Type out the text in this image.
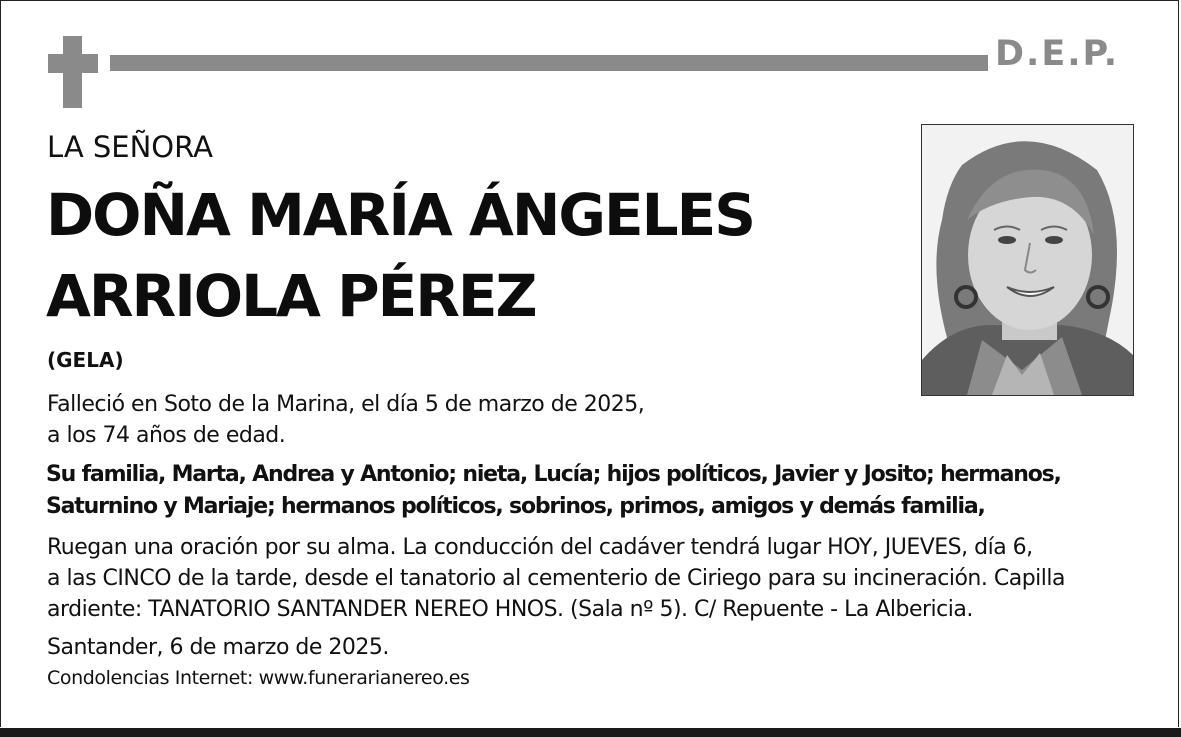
D.E.P.
LA SEÑORA
DOÑA MARÍA ÁNGELES
ARRIOLA PÉREZ
(GELA)
Falleció en Soto de la Marina, el día 5 de marzo de 2025,
a los 74 años de edad.
Su familia, Marta, Andrea y Antonio; nieta, Lucía; hijos políticos, Javier y Josito; hermanos,
Saturnino y Mariaje; hermanos políticos, sobrinos, primos, amigos y demás familia,
Ruegan una oración por su alma. La conducción del cadáver tendrá lugar HOY, JUEVES, día 6,
a las CINCO de la tarde, desde el tanatorio al cementerio de Ciriego para su incineración. Capilla
ardiente: TANATORIO SANTANDER NEREO HNOS. (Sala nº 5). C/ Repuente - La Albericia.
Santander, 6 de marzo de 2025.
Condolencias Internet: www.funerarianereo.es
